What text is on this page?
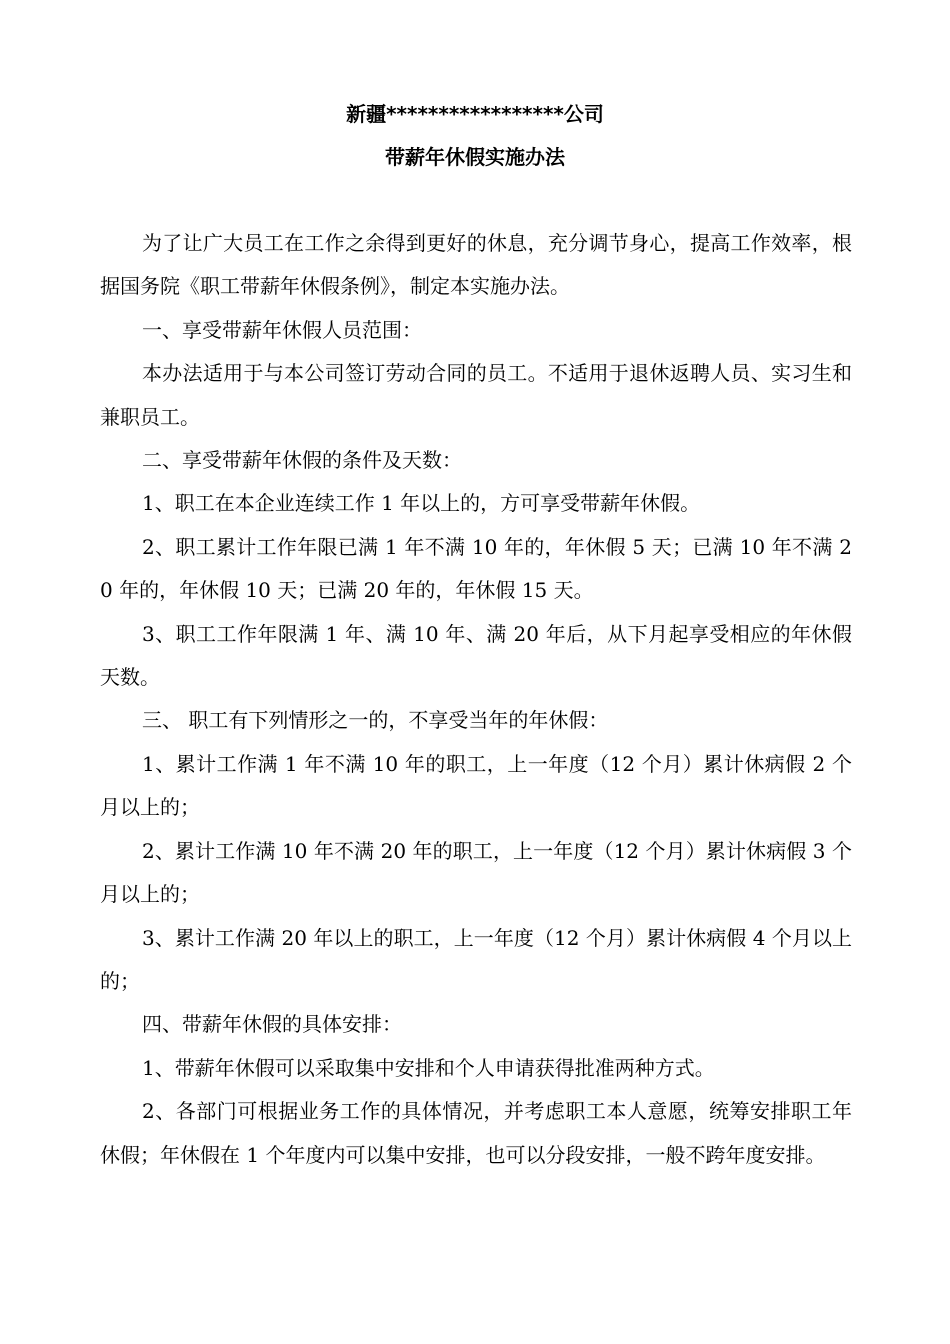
新疆*****************公司
带薪年休假实施办法

为了让广大员工在工作之余得到更好的休息，充分调节身心，提高工作效率，根据国务院《职工带薪年休假条例》，制定本实施办法。

一、享受带薪年休假人员范围：

本办法适用于与本公司签订劳动合同的员工。不适用于退休返聘人员、实习生和兼职员工。

二、享受带薪年休假的条件及天数：

1、职工在本企业连续工作 1 年以上的，方可享受带薪年休假。

2、职工累计工作年限已满 1 年不满 10 年的，年休假 5 天；已满 10 年不满 20 年的，年休假 10 天；已满 20 年的，年休假 15 天。

3、职工工作年限满 1 年、满 10 年、满 20 年后，从下月起享受相应的年休假天数。

三、 职工有下列情形之一的，不享受当年的年休假：

1、累计工作满 1 年不满 10 年的职工，上一年度（12 个月）累计休病假 2 个月以上的；

2、累计工作满 10 年不满 20 年的职工，上一年度（12 个月）累计休病假 3 个月以上的；

3、累计工作满 20 年以上的职工，上一年度（12 个月）累计休病假 4 个月以上的；

四、带薪年休假的具体安排：

1、带薪年休假可以采取集中安排和个人申请获得批准两种方式。

2、各部门可根据业务工作的具体情况，并考虑职工本人意愿，统筹安排职工年休假；年休假在 1 个年度内可以集中安排，也可以分段安排，一般不跨年度安排。
